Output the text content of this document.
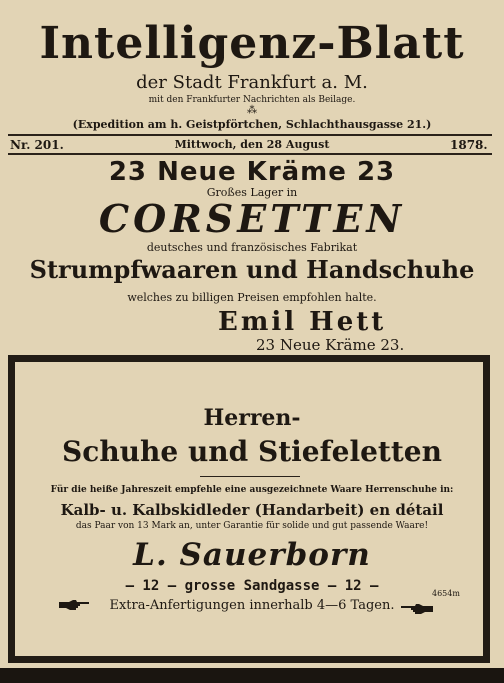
Intelligenz-Blatt
der Stadt Frankfurt a. M.
mit den Frankfurter Nachrichten als Beilage.
⁂
(Expedition am h. Geistpförtchen, Schlachthausgasse 21.)
Nr. 201.	Mittwoch, den 28 August	1878.
23 Neue Kräme 23
Großes Lager in
CORSETTEN
deutsches und französisches Fabrikat
Strumpfwaaren und Handschuhe
welches zu billigen Preisen empfohlen halte.
Emil Hett
23 Neue Kräme 23.
Herren-
Schuhe und Stiefeletten
Für die heiße Jahreszeit empfehle eine ausgezeichnete Waare Herrenschuhe in:
Kalb- u. Kalbskidleder (Handarbeit) en détail
das Paar von 13 Mark an, unter Garantie für solide und gut passende Waare!
L. Sauerborn
— 12 — grosse Sandgasse — 12 —	4654m
Extra-Anfertigungen innerhalb 4—6 Tagen.
